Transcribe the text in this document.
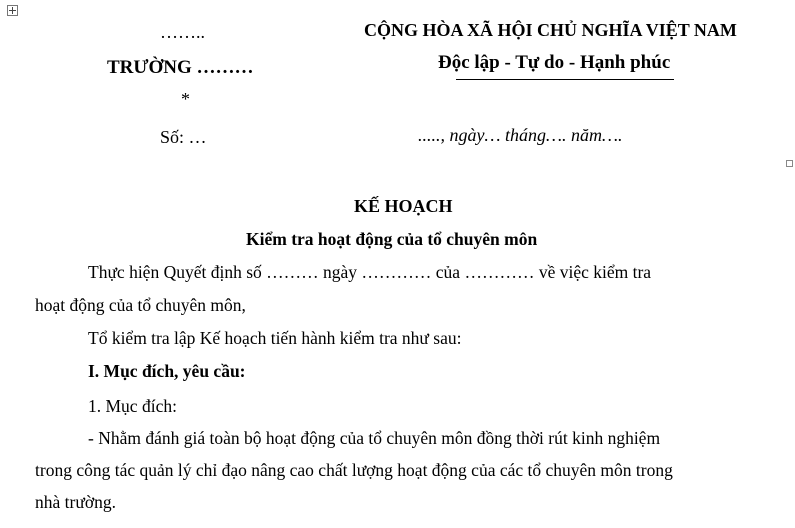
……..
TRƯỜNG ………
*
Số: …
CỘNG HÒA XÃ HỘI CHỦ NGHĨA VIỆT NAM
Độc lập - Tự do - Hạnh phúc
....., ngày… tháng…. năm….
KẾ HOẠCH
Kiểm tra hoạt động của tổ chuyên môn
Thực hiện Quyết định số ……… ngày ………… của ………… về việc kiểm tra
hoạt động của tổ chuyên môn,
Tổ kiểm tra lập Kế hoạch tiến hành kiểm tra như sau:
I. Mục đích, yêu cầu:
1. Mục đích:
- Nhằm đánh giá toàn bộ hoạt động của tổ chuyên môn đồng thời rút kinh nghiệm
trong công tác quản lý chỉ đạo nâng cao chất lượng hoạt động của các tổ chuyên môn trong
nhà trường.
